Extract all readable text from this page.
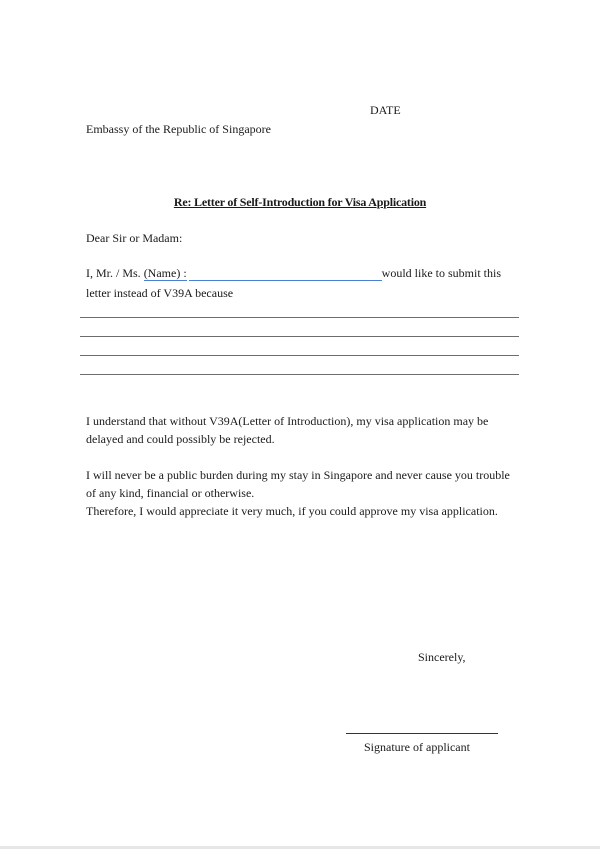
DATE
Embassy of the Republic of Singapore
Re: Letter of Self-Introduction for Visa Application
Dear Sir or Madam:
I, Mr. / Ms. (Name) :	would like to submit this
letter instead of V39A because
I understand that without V39A(Letter of Introduction), my visa application may be
delayed and could possibly be rejected.
I will never be a public burden during my stay in Singapore and never cause you trouble
of any kind, financial or otherwise.
Therefore, I would appreciate it very much, if you could approve my visa application.
Sincerely,
Signature of applicant
